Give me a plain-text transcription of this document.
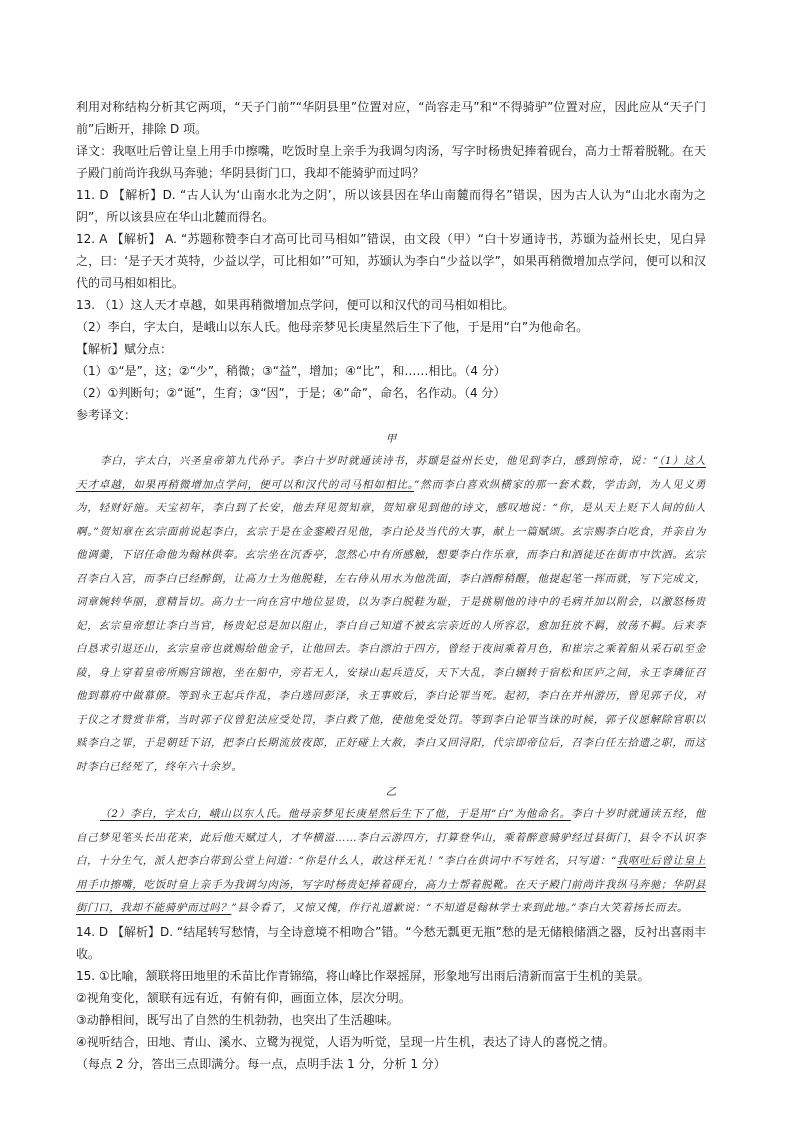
利用对称结构分析其它两项，“天子门前”“华阴县里”位置对应，“尚容走马”和“不得骑驴”位置对应，因此应从“天子门前”后断开，排除 D 项。

译文：我呕吐后曾让皇上用手巾擦嘴，吃饭时皇上亲手为我调匀肉汤，写字时杨贵妃捧着砚台，高力士帮着脱靴。在天子殿门前尚许我纵马奔驰；华阴县街门口，我却不能骑驴而过吗？

11. D 【解析】D. “古人认为‘山南水北为之阴’，所以该县因在华山南麓而得名”错误，因为古人认为“山北水南为之阴”，所以该县应在华山北麓而得名。

12. A 【解析】 A. “苏题称赞李白才高可比司马相如”错误，由文段（甲）“白十岁通诗书，苏颋为益州长史，见白异之，曰：‘是子天才英特，少益以学，可比相如’”可知，苏颋认为李白“少益以学”，如果再稍微增加点学问，便可以和汉代的司马相如相比。

13. （1）这人天才卓越，如果再稍微增加点学问，便可以和汉代的司马相如相比。

（2）李白，字太白，是峨山以东人氏。他母亲梦见长庚星然后生下了他，于是用“白”为他命名。

【解析】赋分点：

（1）①“是”，这；②“少”，稍微；③“益”，增加；④“比”，和……相比。（4 分）

（2）①判断句；②“诞”，生育；③“因”，于是；④“命”，命名，名作动。（4 分）

参考译文：

甲

李白，字太白，兴圣皇帝第九代孙子。李白十岁时就通读诗书，苏颋是益州长史，他见到李白，感到惊奇，说：“（1）这人天才卓越，如果再稍微增加点学问，便可以和汉代的司马相如相比。”然而李白喜欢纵横家的那一套术数，学击剑，为人见义勇为，轻财好施。天宝初年，李白到了长安，他去拜见贺知章，贺知章见到他的诗文，感叹地说：“你，是从天上贬下人间的仙人啊。”贺知章在玄宗面前说起李白，玄宗于是在金銮殿召见他，李白论及当代的大事，献上一篇赋颂。玄宗赐李白吃食，并亲自为他调羹，下诏任命他为翰林供奉。玄宗坐在沉香亭，忽然心中有所感触，想要李白作乐章，而李白和酒徒还在街市中饮酒。玄宗召李白入宫，而李白已经醉倒，让高力士为他脱鞋，左右侍从用水为他洗面，李白酒醉稍醒，他提起笔一挥而就，写下完成文，词章婉转华丽，意精旨切。高力士一向在宫中地位显贵，以为李白脱鞋为耻，于是挑剔他的诗中的毛病并加以附会，以激怒杨贵妃，玄宗皇帝想让李白当官，杨贵妃总是加以阻止，李白自己知道不被玄宗亲近的人所容忍，愈加狂放不羁，放荡不羁。后来李白恳求引退还山，玄宗皇帝也就赐给他金子，让他回去。李白漂泊于四方，曾经于夜间乘着月色，和崔宗之乘着船从采石矶至金陵，身上穿着皇帝所赐宫锦袍，坐在船中，旁若无人，安禄山起兵造反，天下大乱，李白辗转于宿松和匡庐之间，永王李璘征召他到幕府中做幕僚。等到永王起兵作乱，李白逃回彭泽，永王事败后，李白论罪当死。起初，李白在并州游历，曾见郭子仪，对于仪之才赞赏非常，当时郭子仪曾犯法应受处罚，李白救了他，使他免受处罚。等到李白论罪当诛的时候，郭子仪愿解除官职以赎李白之罪，于是朝廷下诏，把李白长期流放夜郎，正好碰上大赦，李白又回浔阳，代宗即帝位后，召李白任左拾遗之职，而这时李白已经死了，终年六十余岁。

乙

（2）李白，字太白，峨山以东人氏。他母亲梦见长庚星然后生下了他，于是用“白”为他命名。李白十岁时就通读五经，他自己梦见笔头长出花来，此后他天赋过人，才华横溢……李白云游四方，打算登华山，乘着醉意骑驴经过县街门，县令不认识李白，十分生气，派人把李白带到公堂上问道：“你是什么人，敢这样无礼！”李白在供词中不写姓名，只写道：“我呕吐后曾让皇上用手巾擦嘴，吃饭时皇上亲手为我调匀肉汤，写字时杨贵妃捧着砚台，高力士帮着脱靴。在天子殿门前尚许我纵马奔驰；华阴县街门口，我却不能骑驴而过吗？”县令看了，又惊又愧，作行礼道歉说：“不知道是翰林学士来到此地。”李白大笑着扬长而去。

14. D 【解析】D. “结尾转写愁情，与全诗意境不相吻合”错。“今愁无瓢更无瓶”愁的是无储粮储酒之器，反衬出喜雨丰收。

15. ①比喻，颔联将田地里的禾苗比作青锦缟，将山峰比作翠摇屏，形象地写出雨后清新而富于生机的美景。

②视角变化，颔联有远有近，有俯有仰，画面立体，层次分明。

③动静相间，既写出了自然的生机勃勃，也突出了生活趣味。

④视听结合，田地、青山、溪水、立鹭为视觉，人语为听觉，呈现一片生机，表达了诗人的喜悦之情。

（每点 2 分，答出三点即满分。每一点，点明手法 1 分，分析 1 分）
